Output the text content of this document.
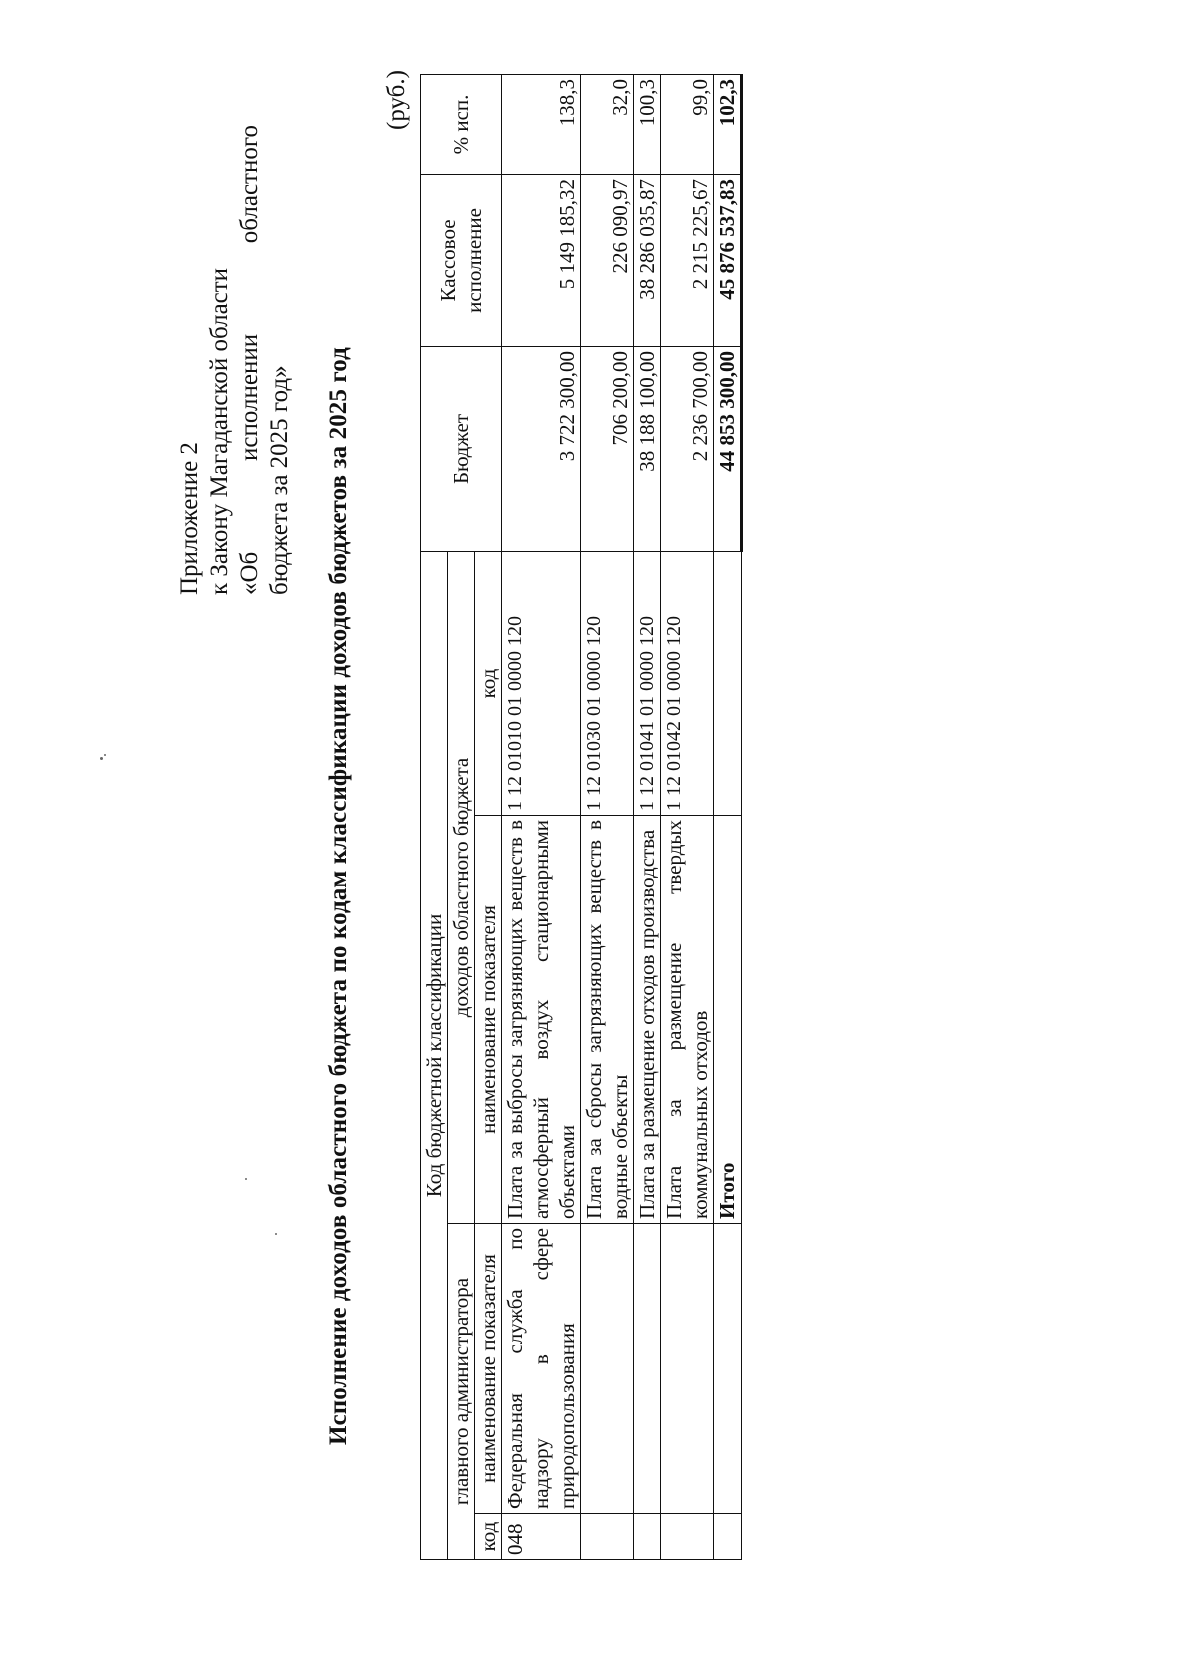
Приложение 2 к Закону Магаданской области «Об
исполнении
областного
бюджета за 2025 год» Исполнение доходов областного бюджета по кодам классификации доходов бюджетов за 2025 год
(руб.)
Код бюджетной классификации				Бюджет	Кассовое исполнение	% исп.
главного администратора		доходов областного бюджета				
код	наименование показателя	наименование показателя	код			
048	Федеральная служба по надзору в сфере природопользования	Плата за выбросы загрязняющих веществ в атмосферный воздух стационарными объектами	1 12 01010 01 0000 120	3 722 300,00	5 149 185,32	138,3
		Плата за сбросы загрязняющих веществ в водные объекты	1 12 01030 01 0000 120	706 200,00	226 090,97	32,0
		Плата за размещение отходов производства	1 12 01041 01 0000 120	38 188 100,00	38 286 035,87	100,3
		Плата за размещение твердых коммунальных отходов	1 12 01042 01 0000 120	2 236 700,00	2 215 225,67	99,0
		Итого		44 853 300,00	45 876 537,83	102,3
